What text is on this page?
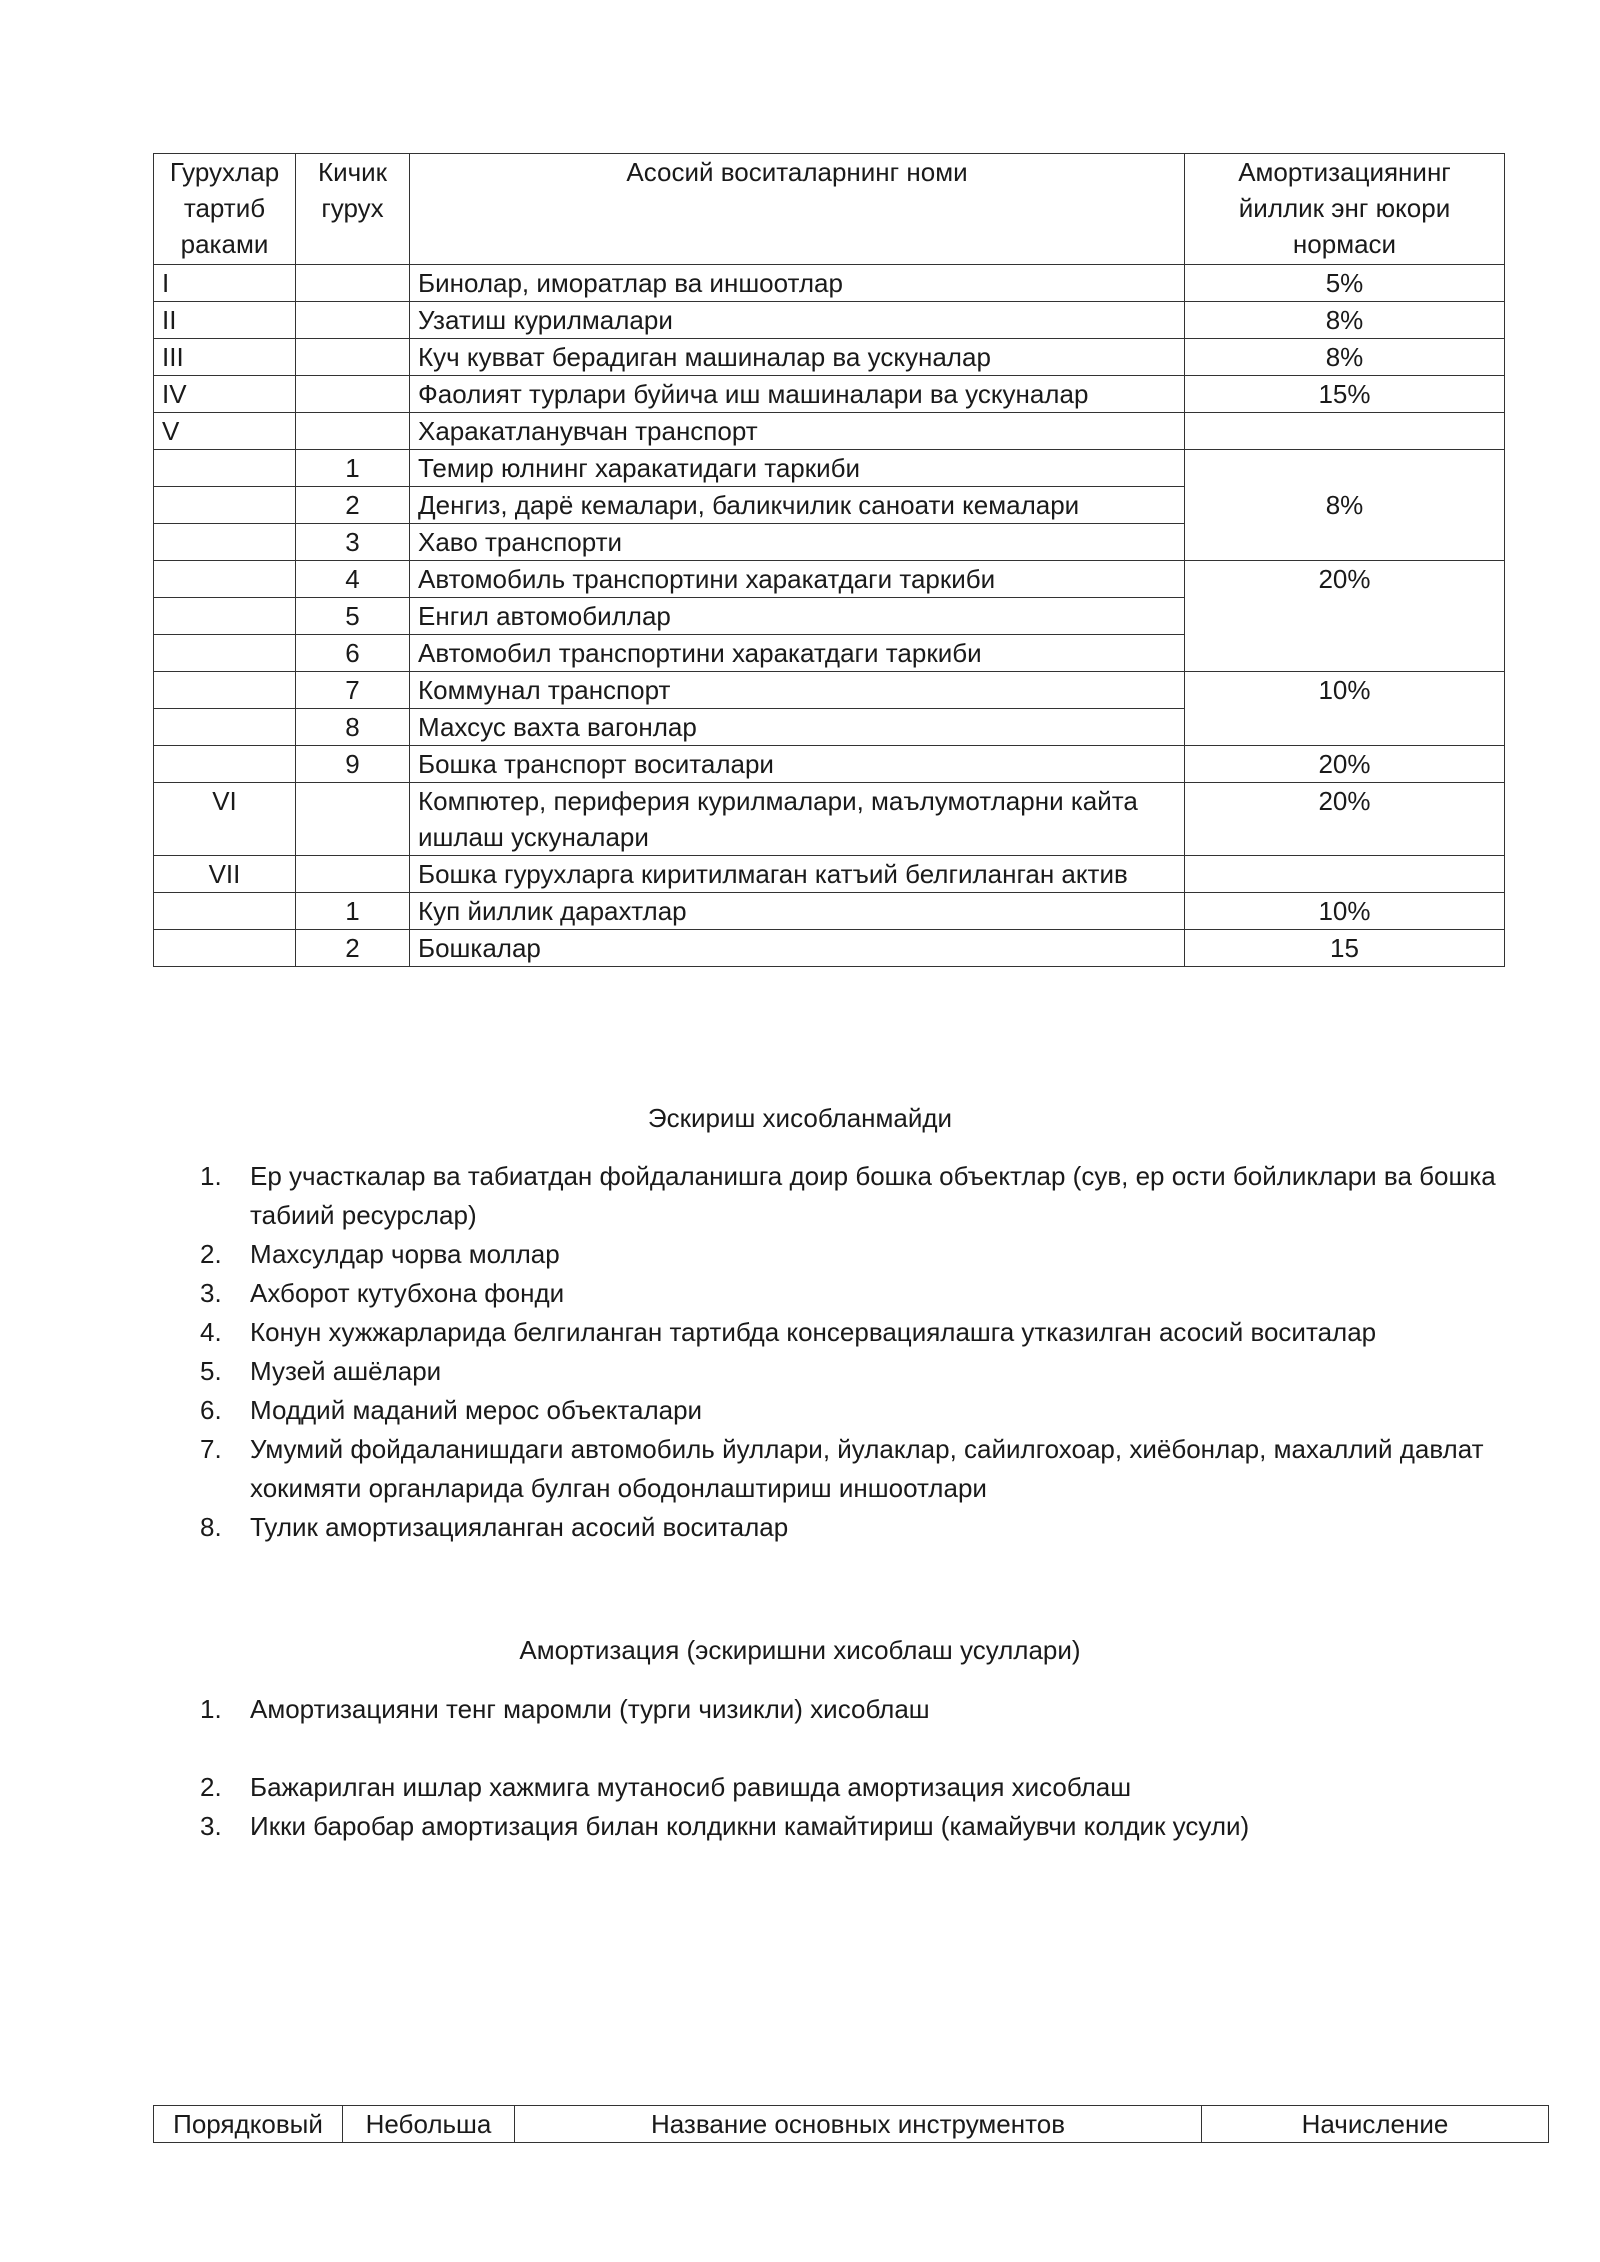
Гурухлар тартиб раками	Кичик гурух	Асосий воситаларнинг номи	Амортизациянинг йиллик энг юкори нормаси
I		Бинолар, иморатлар ва иншоотлар	5%
II		Узатиш курилмалари	8%
III		Куч кувват берадиган машиналар ва ускуналар	8%
IV		Фаолият турлари буйича иш машиналари ва ускуналар	15%
V		Харакатланувчан транспорт	
	1	Темир юлнинг харакатидаги таркиби	8%
	2	Денгиз, дарё кемалари, баликчилик саноати кемалари	
	3	Хаво транспорти	
	4	Автомобиль транспортини харакатдаги таркиби	20%
	5	Енгил автомобиллар	
	6	Автомобил транспортини харакатдаги таркиби	
	7	Коммунал транспорт	10%
	8	Махсус вахта вагонлар	
	9	Бошка транспорт воситалари	20%
VI		Компютер, периферия курилмалари, маълумотларни кайта ишлаш ускуналари	20%
VII		Бошка гурухларга киритилмаган катъий белгиланган актив	
	1	Куп йиллик дарахтлар	10%
	2	Бошкалар	15
Эскириш хисобланмайди
1. Ер участкалар ва табиатдан фойдаланишга доир бошка объектлар (сув, ер ости бойликлари ва бошка табиий ресурслар)
2. Махсулдар чорва моллар
3. Ахборот кутубхона фонди
4. Конун хужжарларида белгиланган тартибда консервациялашга утказилган асосий воситалар
5. Музей ашёлари
6. Моддий маданий мерос объекталари
7. Умумий фойдаланишдаги автомобиль йуллари, йулаклар, сайилгохоар, хиёбонлар, махаллий давлат хокимяти органларида булган ободонлаштириш иншоотлари
8. Тулик амортизацияланган асосий воситалар
Амортизация (эскиришни хисоблаш усуллари)
1. Амортизацияни тенг маромли (турги чизикли) хисоблаш
2. Бажарилган ишлар хажмига мутаносиб равишда амортизация хисоблаш
3. Икки баробар амортизация билан колдикни камайтириш (камайувчи колдик усули)
Порядковый	Небольша	Название основных инструментов	Начисление
